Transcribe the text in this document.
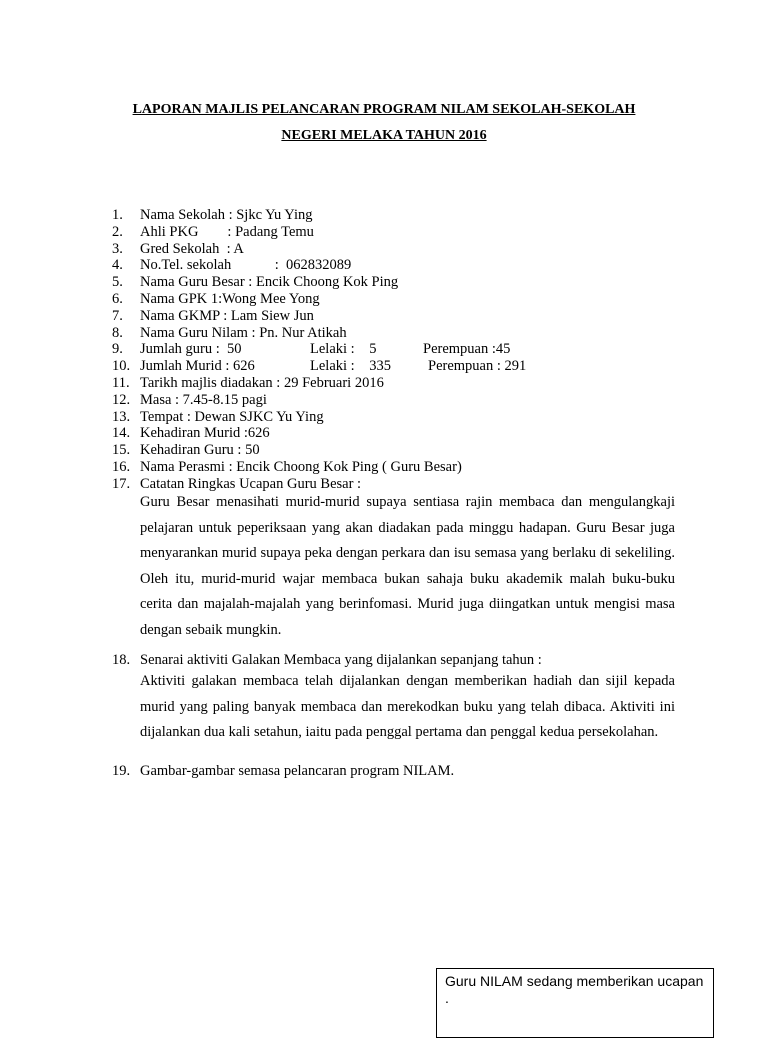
LAPORAN MAJLIS PELANCARAN PROGRAM NILAM SEKOLAH-SEKOLAH
NEGERI MELAKA TAHUN 2016
1.	Nama Sekolah : Sjkc Yu Ying
2.	Ahli PKG        : Padang Temu
3.	Gred Sekolah  : A
4.	No.Tel. sekolah            :  062832089
5.	Nama Guru Besar : Encik Choong Kok Ping
6.	Nama GPK 1:Wong Mee Yong
7.	Nama GKMP : Lam Siew Jun
8.	Nama Guru Nilam : Pn. Nur Atikah
9.	Jumlah guru :  50	Lelaki :    5	Perempuan :45
10. Jumlah Murid : 626	Lelaki :    335	Perempuan : 291
11. Tarikh majlis diadakan : 29 Februari 2016
12. Masa : 7.45-8.15 pagi
13. Tempat : Dewan SJKC Yu Ying
14. Kehadiran Murid :626
15. Kehadiran Guru : 50
16. Nama Perasmi : Encik Choong Kok Ping ( Guru Besar)
17. Catatan Ringkas Ucapan Guru Besar :
Guru Besar menasihati murid-murid supaya sentiasa rajin membaca dan mengulangkaji pelajaran untuk peperiksaan yang akan diadakan pada minggu hadapan. Guru Besar juga menyarankan murid supaya peka dengan perkara dan isu semasa yang berlaku di sekeliling. Oleh itu, murid-murid wajar membaca bukan sahaja buku akademik malah buku-buku cerita dan majalah-majalah yang berinfomasi. Murid juga diingatkan untuk mengisi masa dengan sebaik mungkin.
18. Senarai aktiviti Galakan Membaca yang dijalankan sepanjang tahun :
Aktiviti galakan membaca telah dijalankan dengan memberikan hadiah dan sijil kepada murid yang paling banyak membaca dan merekodkan buku yang telah dibaca. Aktiviti ini dijalankan dua kali setahun, iaitu pada penggal pertama dan penggal kedua persekolahan.
19. Gambar-gambar semasa pelancaran program NILAM.
Guru NILAM sedang memberikan ucapan .
